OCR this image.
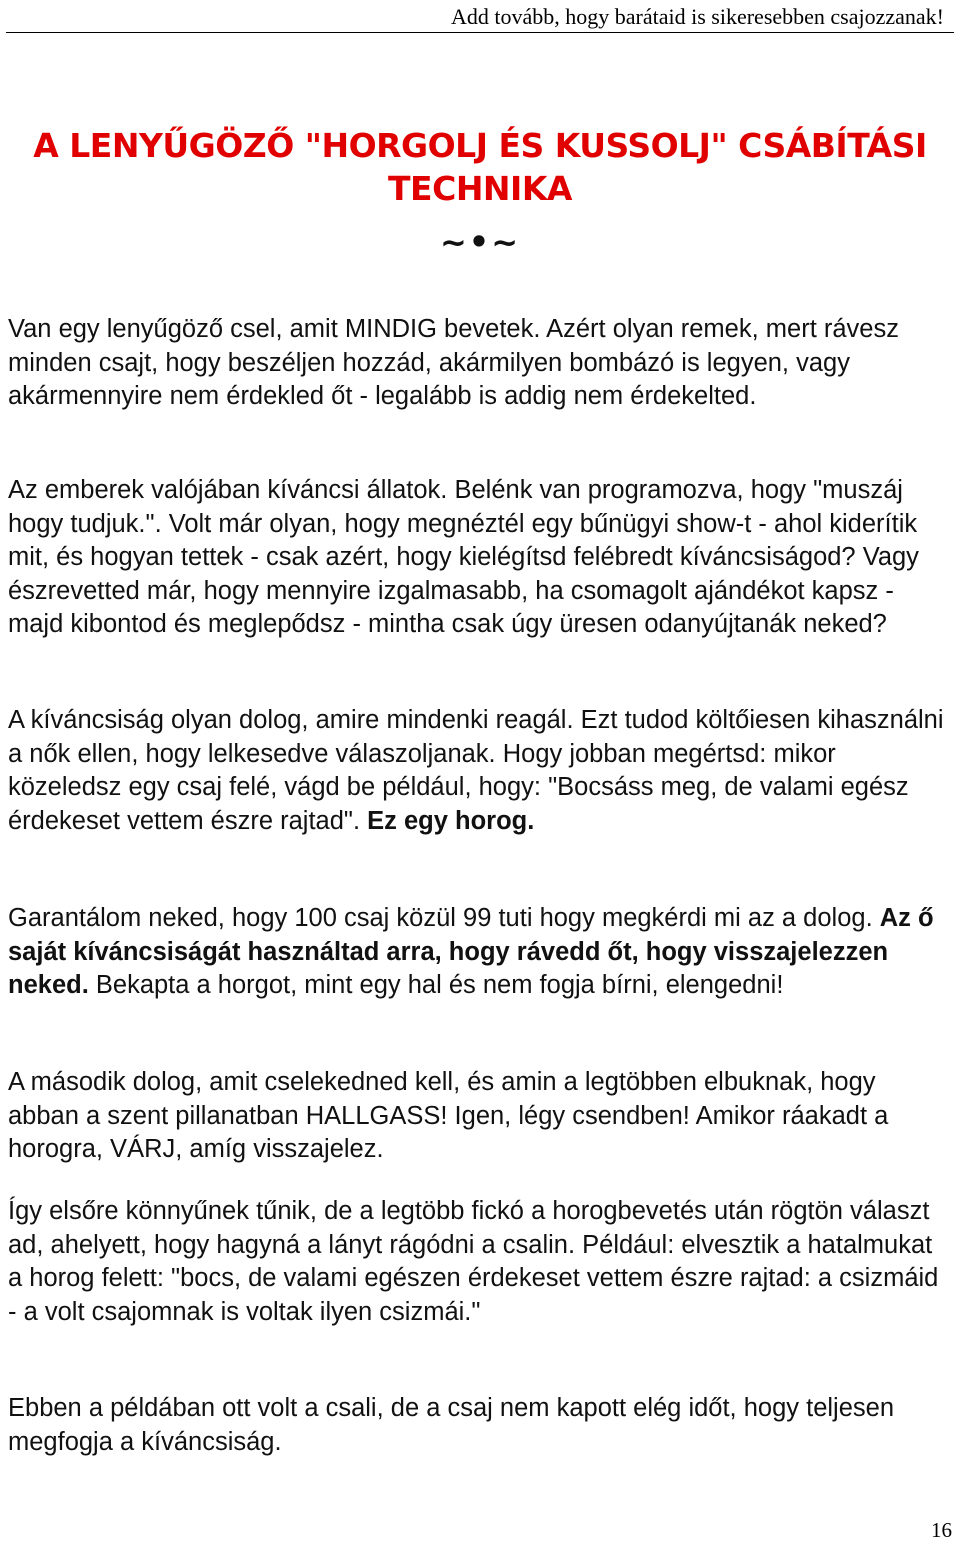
Add tovább, hogy barátaid is sikeresebben csajozzanak!
A LENYŰGÖZŐ "HORGOLJ ÉS KUSSOLJ" CSÁBÍTÁSI
TECHNIKA
~•~

Van egy lenyűgöző csel, amit MINDIG bevetek. Azért olyan remek, mert rávesz minden csajt, hogy beszéljen hozzád, akármilyen bombázó is legyen, vagy akármennyire nem érdekled őt - legalább is addig nem érdekelted.

Az emberek valójában kíváncsi állatok. Belénk van programozva, hogy "muszáj hogy tudjuk.". Volt már olyan, hogy megnéztél egy bűnügyi show-t - ahol kiderítik mit, és hogyan tettek - csak azért, hogy kielégítsd felébredt kíváncsiságod? Vagy észrevetted már, hogy mennyire izgalmasabb, ha csomagolt ajándékot kapsz - majd kibontod és meglepődsz - mintha csak úgy üresen odanyújtanák neked?

A kíváncsiság olyan dolog, amire mindenki reagál. Ezt tudod költőiesen kihasználni a nők ellen, hogy lelkesedve válaszoljanak. Hogy jobban megértsd: mikor közeledsz egy csaj felé, vágd be például, hogy: "Bocsáss meg, de valami egész érdekeset vettem észre rajtad". Ez egy horog.

Garantálom neked, hogy 100 csaj közül 99 tuti hogy megkérdi mi az a dolog. Az ő saját kíváncsiságát használtad arra, hogy rávedd őt, hogy visszajelezzen neked. Bekapta a horgot, mint egy hal és nem fogja bírni, elengedni!

A második dolog, amit cselekedned kell, és amin a legtöbben elbuknak, hogy abban a szent pillanatban HALLGASS! Igen, légy csendben! Amikor ráakadt a horogra, VÁRJ, amíg visszajelez.

Így elsőre könnyűnek tűnik, de a legtöbb fickó a horogbevetés után rögtön választ ad, ahelyett, hogy hagyná a lányt rágódni a csalin. Például: elvesztik a hatalmukat a horog felett: "bocs, de valami egészen érdekeset vettem észre rajtad: a csizmáid - a volt csajomnak is voltak ilyen csizmái."

Ebben a példában ott volt a csali, de a csaj nem kapott elég időt, hogy teljesen megfogja a kíváncsiság.

16
